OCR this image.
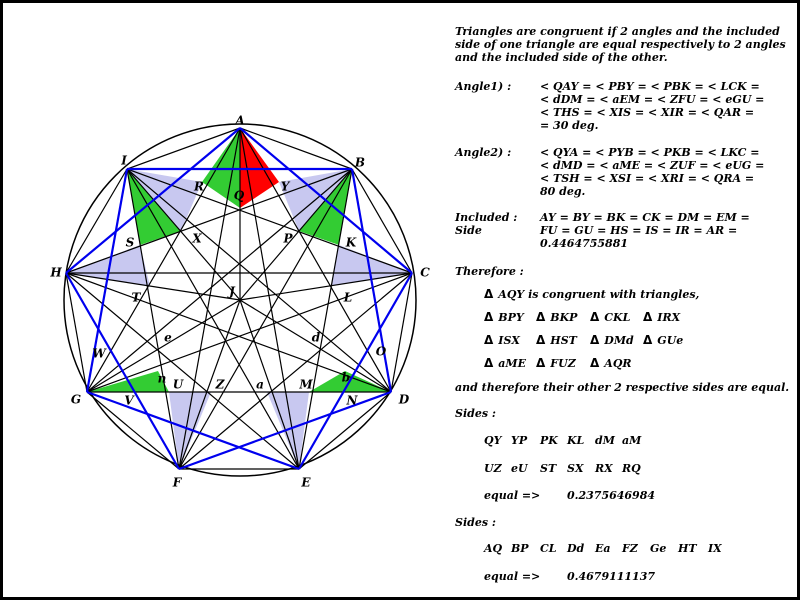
A
B
C
D
E
F
G
H
I
Q
R	Y
S	X	P	K
T	J	L
e	d
W	O
n U	Z	a	M b
V	N
Triangles are congruent if 2 angles and the included
side of one triangle are equal respectively to 2 angles
and the included side of the other.
Angle1) :	< QAY = < PBY = < PBK = < LCK =
< dDM = < aEM = < ZFU = < eGU =
< THS = < XIS = < XIR = < QAR =
= 30 deg.
Angle2) :	< QYA = < PYB = < PKB = < LKC =
< dMD = < aME = < ZUF = < eUG =
< TSH = < XSI = < XRI = < QRA =
80 deg.
Included :
Side
AY = BY = BK = CK = DM = EM =
FU = GU = HS = IS = IR = AR =
0.4464755881
Therefore :
Δ AQY is congruent with triangles,
Δ BPY Δ BKP Δ CKL Δ IRX
Δ ISX Δ HST Δ DMd Δ GUe
Δ aME Δ FUZ Δ AQR
and therefore their other 2 respective sides are equal.
Sides :
QY YP PK KL dM aM
UZ eU ST SX RX RQ
equal => 0.2375646984
Sides :
AQ BP CL Dd Ea FZ Ge HT IX
equal => 0.4679111137
